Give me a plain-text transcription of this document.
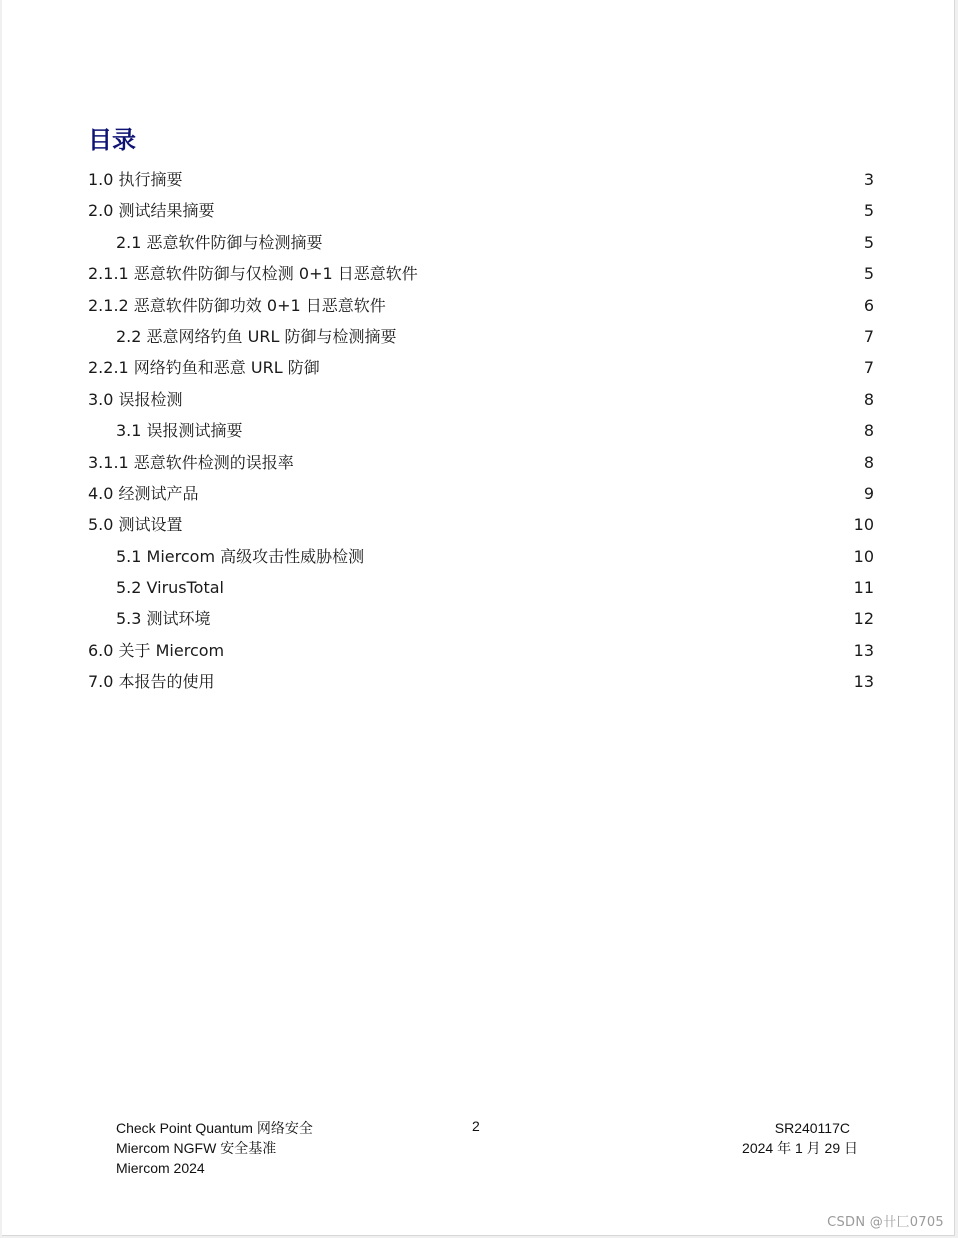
目录
1.0 执行摘要	3
2.0 测试结果摘要	5
2.1 恶意软件防御与检测摘要	5
2.1.1 恶意软件防御与仅检测 0+1 日恶意软件	5
2.1.2 恶意软件防御功效 0+1 日恶意软件	6
2.2 恶意网络钓鱼 URL 防御与检测摘要	7
2.2.1 网络钓鱼和恶意 URL 防御	7
3.0 误报检测	8
3.1 误报测试摘要	8
3.1.1 恶意软件检测的误报率	8
4.0 经测试产品	9
5.0 测试设置	10
5.1 Miercom 高级攻击性威胁检测	10
5.2 VirusTotal	11
5.3 测试环境	12
6.0 关于 Miercom	13
7.0 本报告的使用	13
Check Point Quantum 网络安全
Miercom NGFW 安全基准
Miercom 2024
2	SR240117C
2024 年 1 月 29 日
CSDN @卄匚0705
